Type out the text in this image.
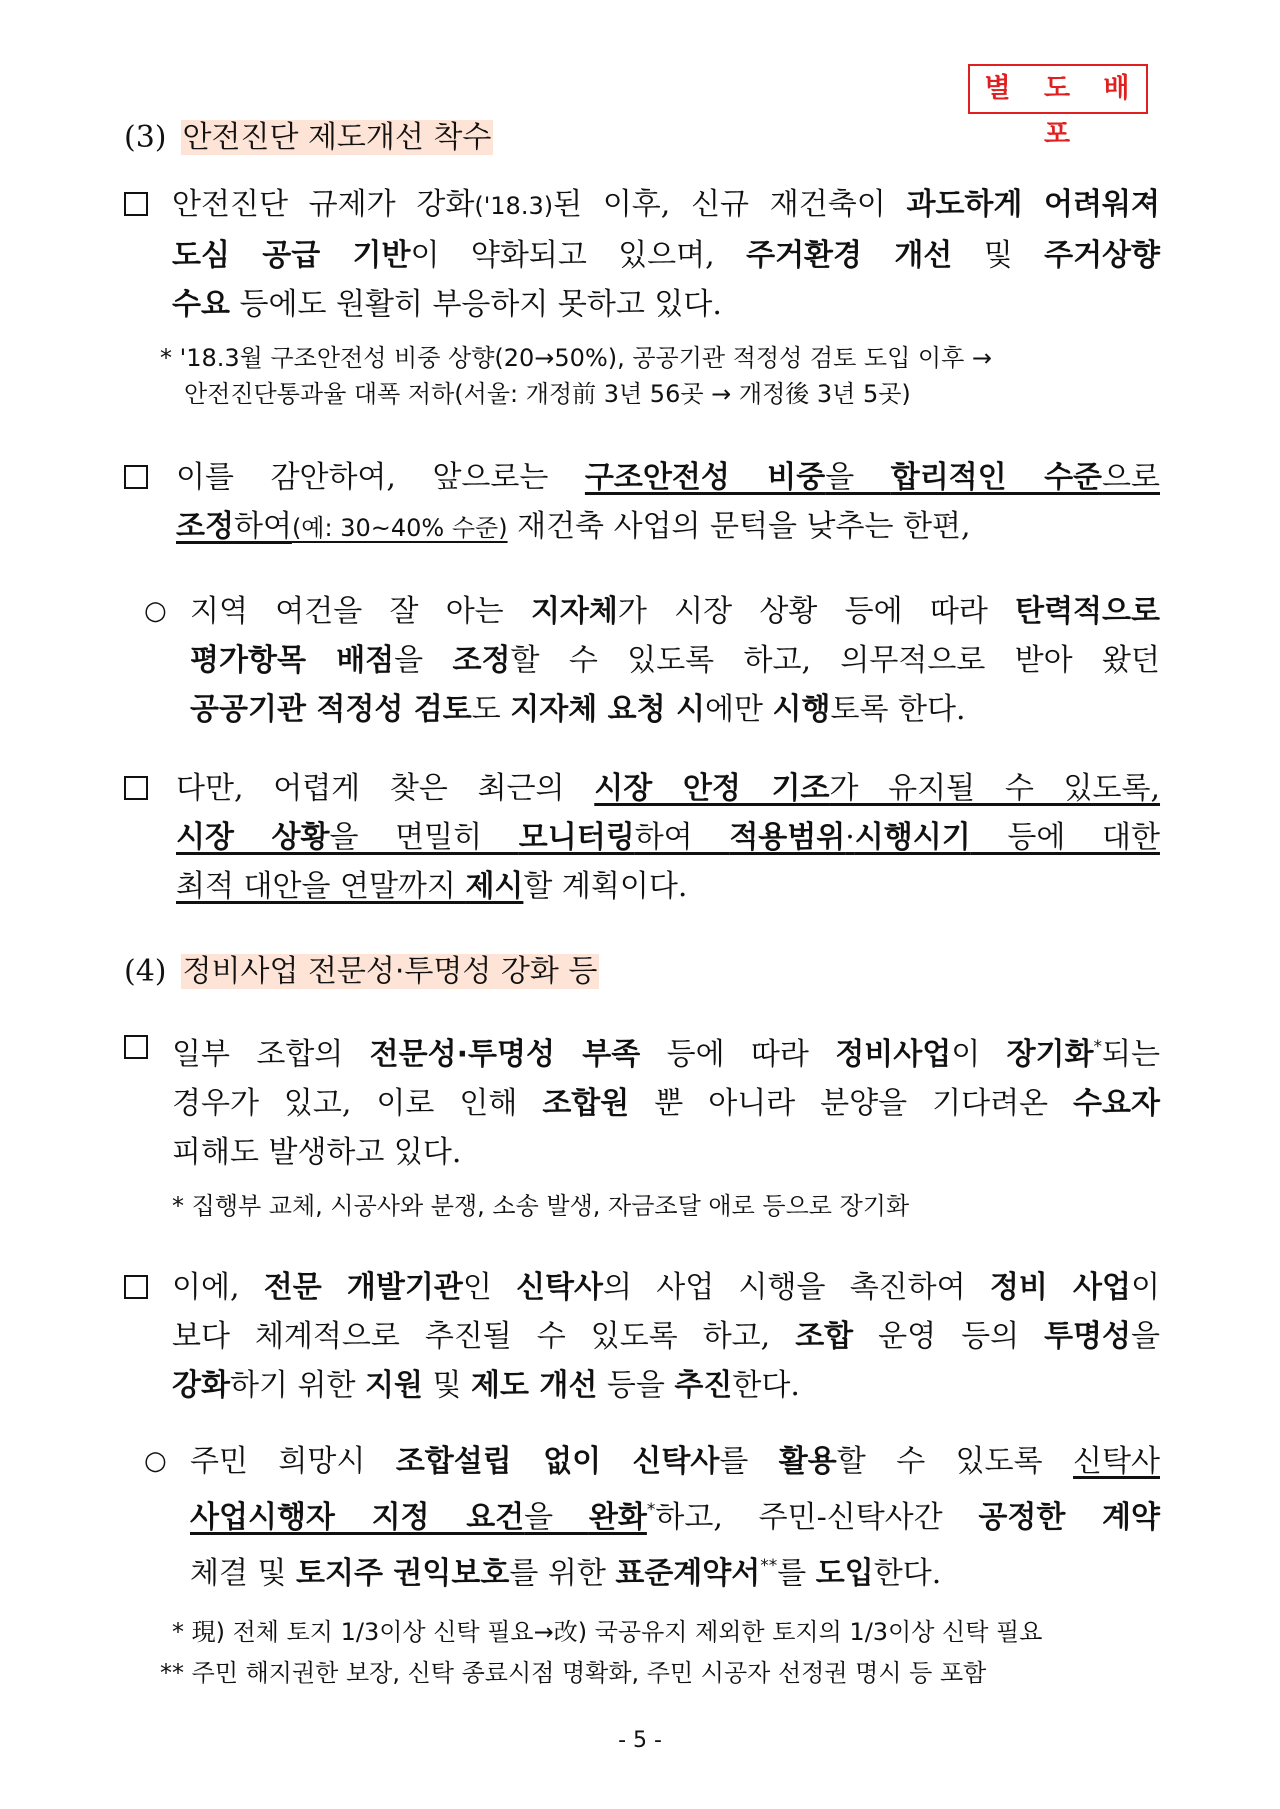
별 도 배 포
(3) 안전진단 제도개선 착수
안전진단 규제가 강화('18.3)된 이후, 신규 재건축이 과도하게 어려워져
도심 공급 기반이 약화되고 있으며, 주거환경 개선 및 주거상향
수요 등에도 원활히 부응하지 못하고 있다.
* '18.3월 구조안전성 비중 상향(20→50%), 공공기관 적정성 검토 도입 이후 →
안전진단통과율 대폭 저하(서울: 개정前 3년 56곳 → 개정後 3년 5곳)
이를 감안하여, 앞으로는 구조안전성 비중을 합리적인 수준으로
조정하여(예: 30~40% 수준) 재건축 사업의 문턱을 낮추는 한편,
○ 지역 여건을 잘 아는 지자체가 시장 상황 등에 따라 탄력적으로
평가항목 배점을 조정할 수 있도록 하고, 의무적으로 받아 왔던
공공기관 적정성 검토도 지자체 요청 시에만 시행토록 한다.
다만, 어렵게 찾은 최근의 시장 안정 기조가 유지될 수 있도록,
시장 상황을 면밀히 모니터링하여 적용범위·시행시기 등에 대한
최적 대안을 연말까지 제시할 계획이다.
(4) 정비사업 전문성·투명성 강화 등
일부 조합의 전문성·투명성 부족 등에 따라 정비사업이 장기화*되는
경우가 있고, 이로 인해 조합원 뿐 아니라 분양을 기다려온 수요자
피해도 발생하고 있다.
* 집행부 교체, 시공사와 분쟁, 소송 발생, 자금조달 애로 등으로 장기화
이에, 전문 개발기관인 신탁사의 사업 시행을 촉진하여 정비 사업이
보다 체계적으로 추진될 수 있도록 하고, 조합 운영 등의 투명성을
강화하기 위한 지원 및 제도 개선 등을 추진한다.
○ 주민 희망시 조합설립 없이 신탁사를 활용할 수 있도록 신탁사
사업시행자 지정 요건을 완화*하고, 주민-신탁사간 공정한 계약
체결 및 토지주 권익보호를 위한 표준계약서**를 도입한다.
* 現) 전체 토지 1/3이상 신탁 필요→改) 국공유지 제외한 토지의 1/3이상 신탁 필요
** 주민 해지권한 보장, 신탁 종료시점 명확화, 주민 시공자 선정권 명시 등 포함
- 5 -
